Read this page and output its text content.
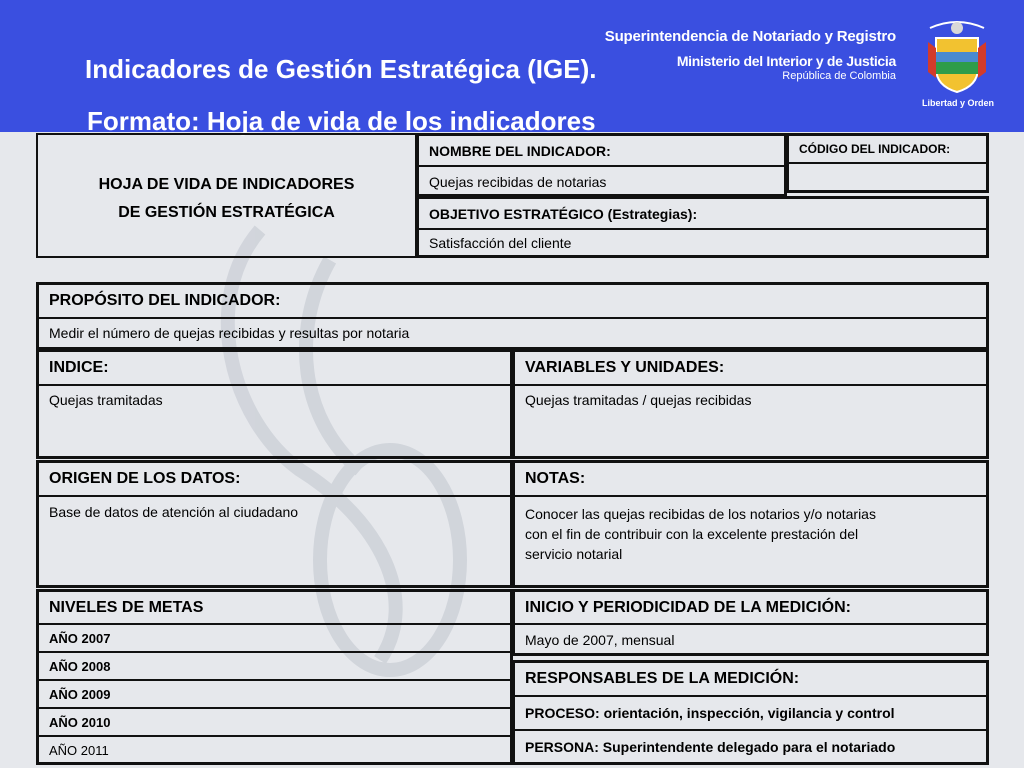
Indicadores de Gestión Estratégica (IGE).
Formato: Hoja de vida de los indicadores
Superintendencia de Notariado y Registro
Ministerio del Interior y de Justicia
República de Colombia
Libertad y Orden
HOJA DE VIDA DE INDICADORES
DE GESTIÓN ESTRATÉGICA
NOMBRE DEL INDICADOR:
Quejas recibidas de notarias
CÓDIGO DEL INDICADOR:
OBJETIVO ESTRATÉGICO (Estrategias):
Satisfacción del cliente
PROPÓSITO DEL INDICADOR:
Medir el número de quejas recibidas y resultas por notaria
INDICE:
Quejas tramitadas
VARIABLES Y UNIDADES:
Quejas tramitadas / quejas recibidas
ORIGEN DE LOS DATOS:
Base de datos de atención al ciudadano
NOTAS:
Conocer las quejas recibidas de los notarios y/o notarias
con el fin de contribuir con la excelente prestación del
servicio notarial
NIVELES DE METAS
AÑO 2007
AÑO 2008
AÑO 2009
AÑO 2010
AÑO 2011
INICIO Y PERIODICIDAD DE LA MEDICIÓN:
Mayo de 2007, mensual
RESPONSABLES DE LA MEDICIÓN:
PROCESO: orientación, inspección, vigilancia y control
PERSONA: Superintendente delegado para el notariado
